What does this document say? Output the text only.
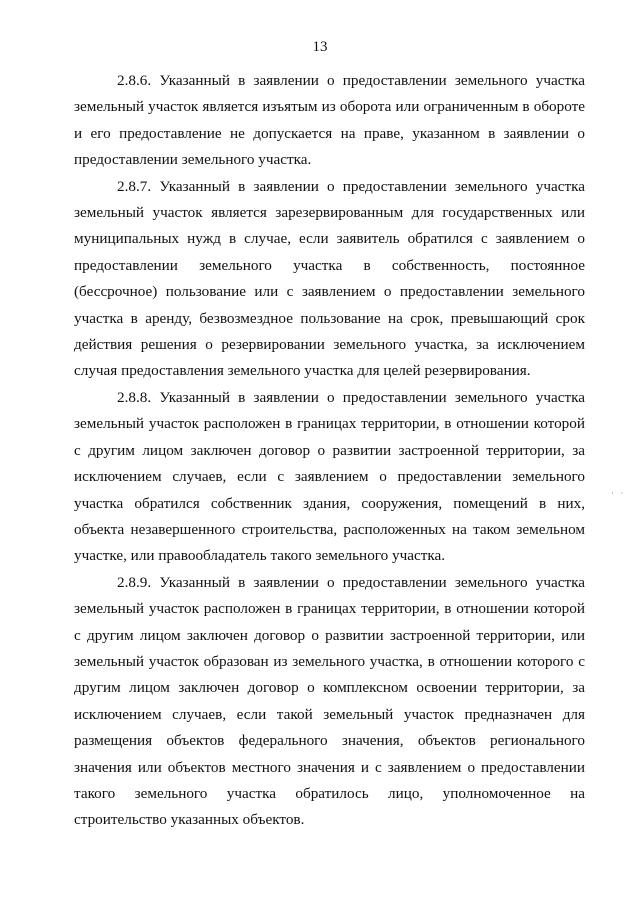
13

2.8.6. Указанный в заявлении о предоставлении земельного участка земельный участок является изъятым из оборота или ограниченным в обороте и его предоставление не допускается на праве, указанном в заявлении о предоставлении земельного участка.

2.8.7. Указанный в заявлении о предоставлении земельного участка земельный участок является зарезервированным для государственных или муниципальных нужд в случае, если заявитель обратился с заявлением о предоставлении земельного участка в собственность, постоянное (бессрочное) пользование или с заявлением о предоставлении земельного участка в аренду, безвозмездное пользование на срок, превышающий срок действия решения о резервировании земельного участка, за исключением случая предоставления земельного участка для целей резервирования.

2.8.8. Указанный в заявлении о предоставлении земельного участка земельный участок расположен в границах территории, в отношении которой с другим лицом заключен договор о развитии застроенной территории, за исключением случаев, если с заявлением о предоставлении земельного участка обратился собственник здания, сооружения, помещений в них, объекта незавершенного строительства, расположенных на таком земельном участке, или правообладатель такого земельного участка.

2.8.9. Указанный в заявлении о предоставлении земельного участка земельный участок расположен в границах территории, в отношении которой с другим лицом заключен договор о развитии застроенной территории, или земельный участок образован из земельного участка, в отношении которого с другим лицом заключен договор о комплексном освоении территории, за исключением случаев, если такой земельный участок предназначен для размещения объектов федерального значения, объектов регионального значения или объектов местного значения и с заявлением о предоставлении такого земельного участка обратилось лицо, уполномоченное на строительство указанных объектов.

· ·
